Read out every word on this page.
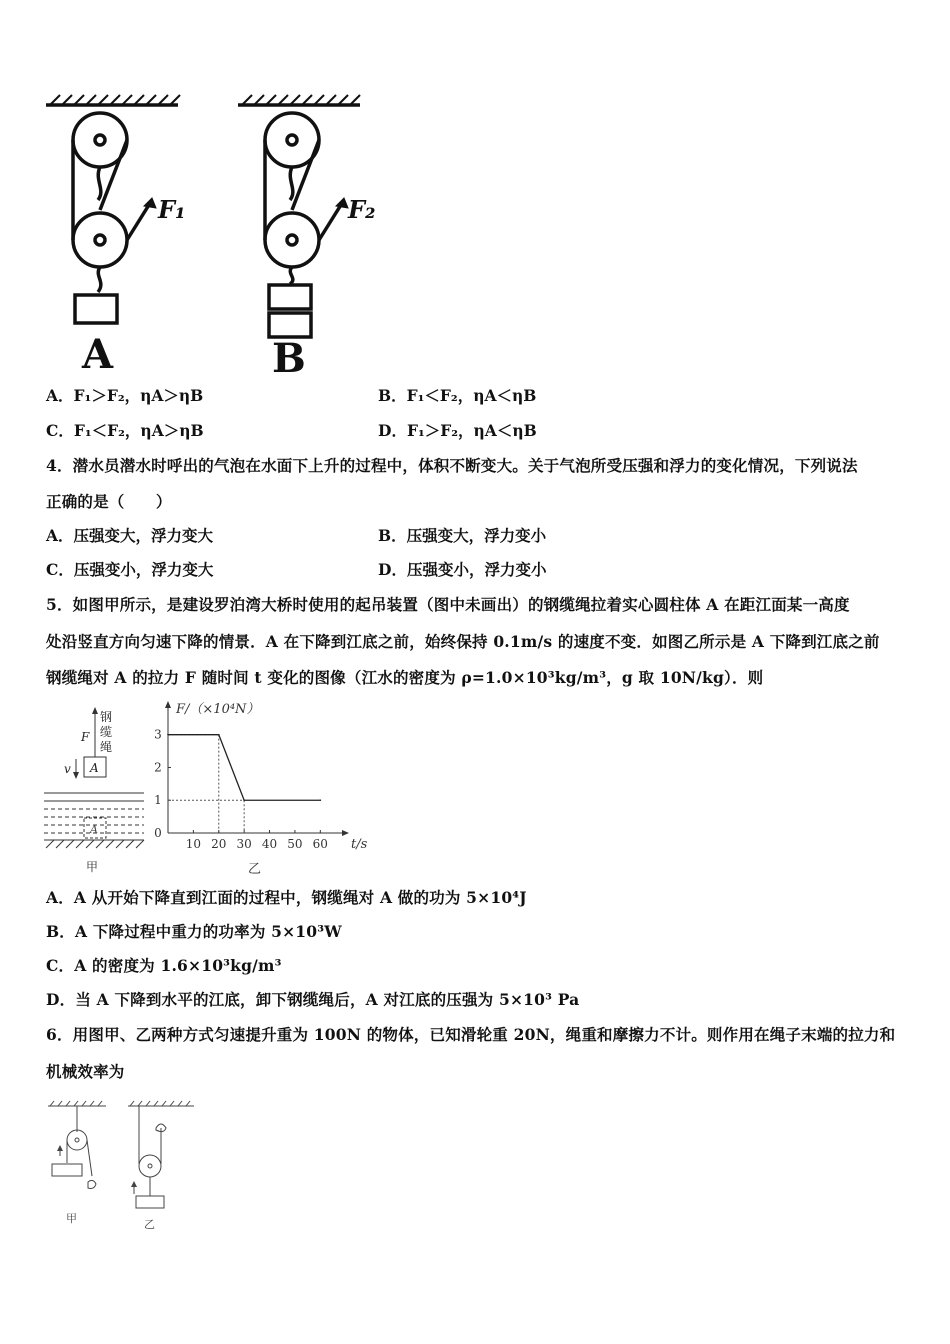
F₁
A
F₂
B
A．F₁＞F₂，ηA＞ηB	B．F₁＜F₂，ηA＜ηB
C．F₁＜F₂，ηA＞ηB	D．F₁＞F₂，ηA＜ηB
4．潜水员潜水时呼出的气泡在水面下上升的过程中，体积不断变大。关于气泡所受压强和浮力的变化情况，下列说法
正确的是（　　）
A．压强变大，浮力变大	B．压强变大，浮力变小
C．压强变小，浮力变大	D．压强变小，浮力变小
5．如图甲所示，是建设罗泊湾大桥时使用的起吊装置（图中未画出）的钢缆绳拉着实心圆柱体 A 在距江面某一高度
处沿竖直方向匀速下降的情景．A 在下降到江底之前，始终保持 0.1m/s 的速度不变．如图乙所示是 A 下降到江底之前
钢缆绳对 A 的拉力 F 随时间 t 变化的图像（江水的密度为 ρ=1.0×10³kg/m³，g 取 10N/kg）．则
钢
缆
绳
F
v A
A
甲
0
1
2
3
10 20 30 40 50 60
F/（×10⁴N）
t/s
乙
A．A 从开始下降直到江面的过程中，钢缆绳对 A 做的功为 5×10⁴J
B．A 下降过程中重力的功率为 5×10³W
C．A 的密度为 1.6×10³kg/m³
D．当 A 下降到水平的江底，卸下钢缆绳后，A 对江底的压强为 5×10³ Pa
6．用图甲、乙两种方式匀速提升重为 100N 的物体，已知滑轮重 20N，绳重和摩擦力不计。则作用在绳子末端的拉力和
机械效率为
甲	乙
